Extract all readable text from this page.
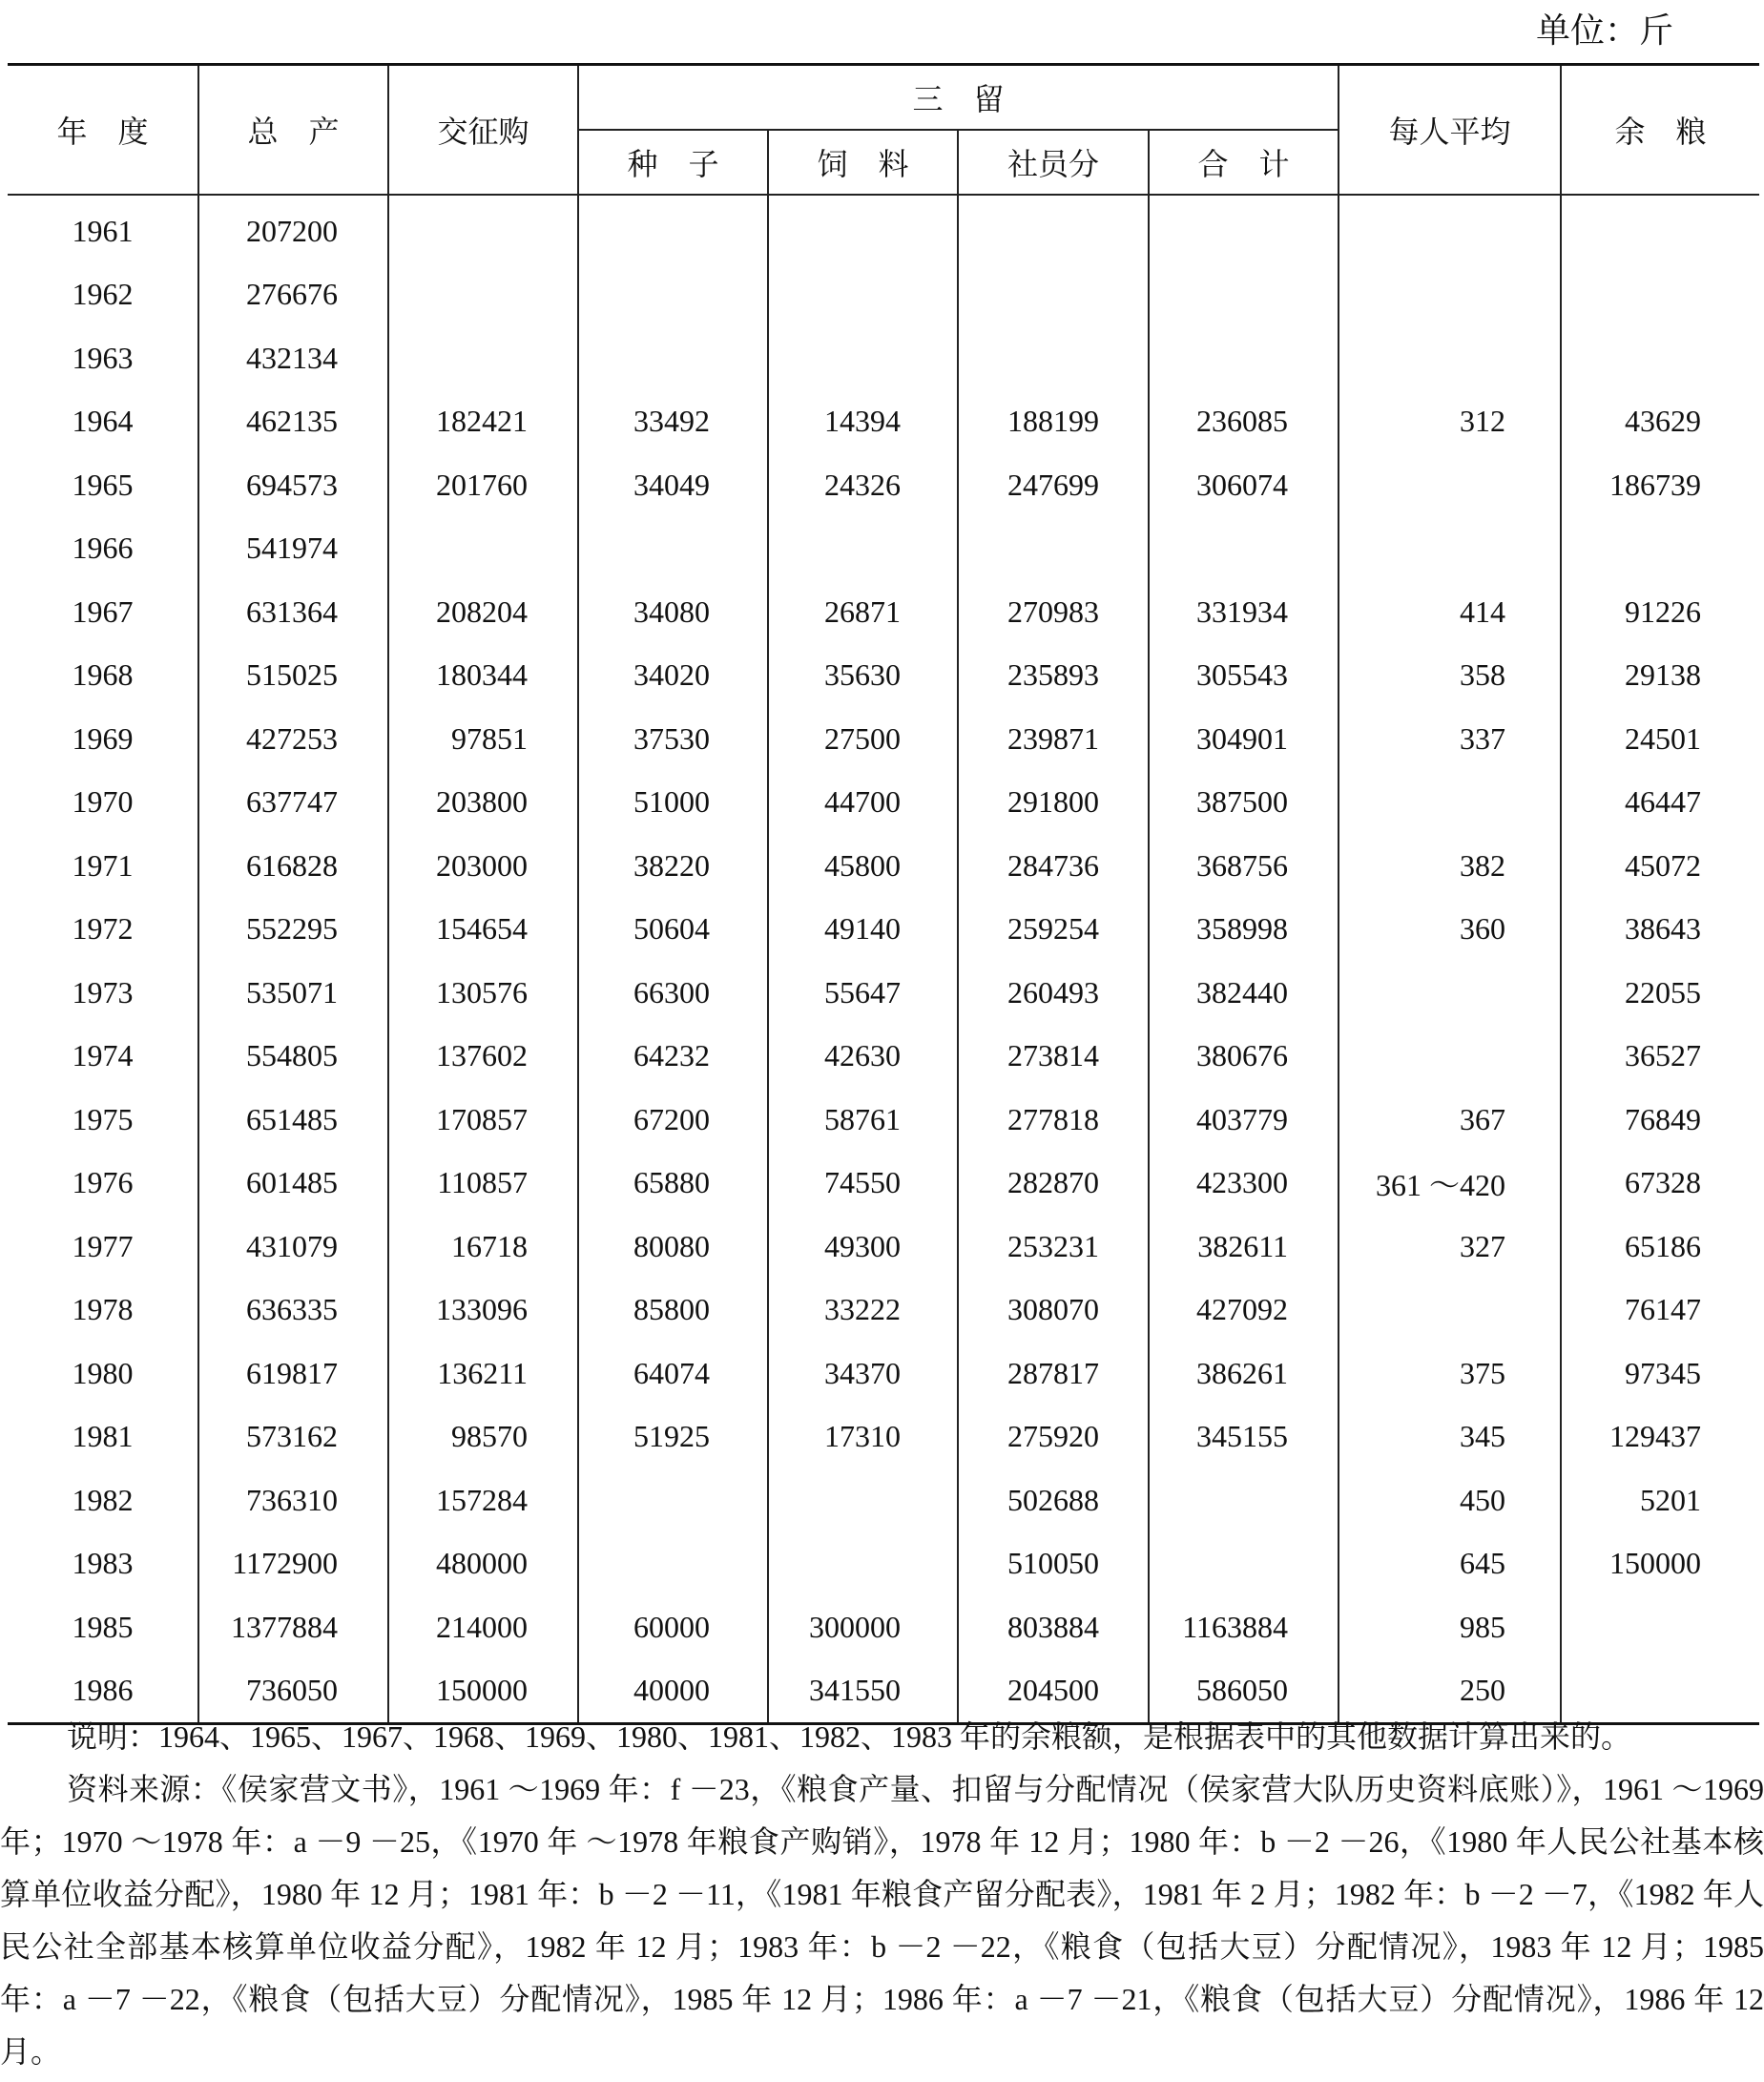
单位：斤
年　度	总　产	交征购	三　留				每人平均	余　粮
			种　子	饲　料	社员分	合　计		
1961	207200							
1962	276676							
1963	432134							
1964	462135	182421	33492	14394	188199	236085	312	43629
1965	694573	201760	34049	24326	247699	306074		186739
1966	541974							
1967	631364	208204	34080	26871	270983	331934	414	91226
1968	515025	180344	34020	35630	235893	305543	358	29138
1969	427253	97851	37530	27500	239871	304901	337	24501
1970	637747	203800	51000	44700	291800	387500		46447
1971	616828	203000	38220	45800	284736	368756	382	45072
1972	552295	154654	50604	49140	259254	358998	360	38643
1973	535071	130576	66300	55647	260493	382440		22055
1974	554805	137602	64232	42630	273814	380676		36527
1975	651485	170857	67200	58761	277818	403779	367	76849
1976	601485	110857	65880	74550	282870	423300	361 ～420	67328
1977	431079	16718	80080	49300	253231	382611	327	65186
1978	636335	133096	85800	33222	308070	427092		76147
1980	619817	136211	64074	34370	287817	386261	375	97345
1981	573162	98570	51925	17310	275920	345155	345	129437
1982	736310	157284			502688		450	5201
1983	1172900	480000			510050		645	150000
1985	1377884	214000	60000	300000	803884	1163884	985	
1986	736050	150000	40000	341550	204500	586050	250	

说明：1964、1965、1967、1968、1969、1980、1981、1982、1983 年的余粮额，是根据表中的其他数据计算出来的。

资料来源：《侯家营文书》，1961 ～1969 年：f －23，《粮食产量、扣留与分配情况（侯家营大队历史资料底账）》，1961 ～1969 年；1970 ～1978 年：a －9 －25，《1970 年 ～1978 年粮食产购销》，1978 年 12 月；1980 年：b －2 －26，《1980 年人民公社基本核算单位收益分配》，1980 年 12 月；1981 年：b －2 －11，《1981 年粮食产留分配表》，1981 年 2 月；1982 年：b －2 －7，《1982 年人民公社全部基本核算单位收益分配》，1982 年 12 月；1983 年：b －2 －22，《粮食（包括大豆）分配情况》，1983 年 12 月；1985 年：a －7 －22，《粮食（包括大豆）分配情况》，1985 年 12 月；1986 年：a －7 －21，《粮食（包括大豆）分配情况》，1986 年 12 月。
